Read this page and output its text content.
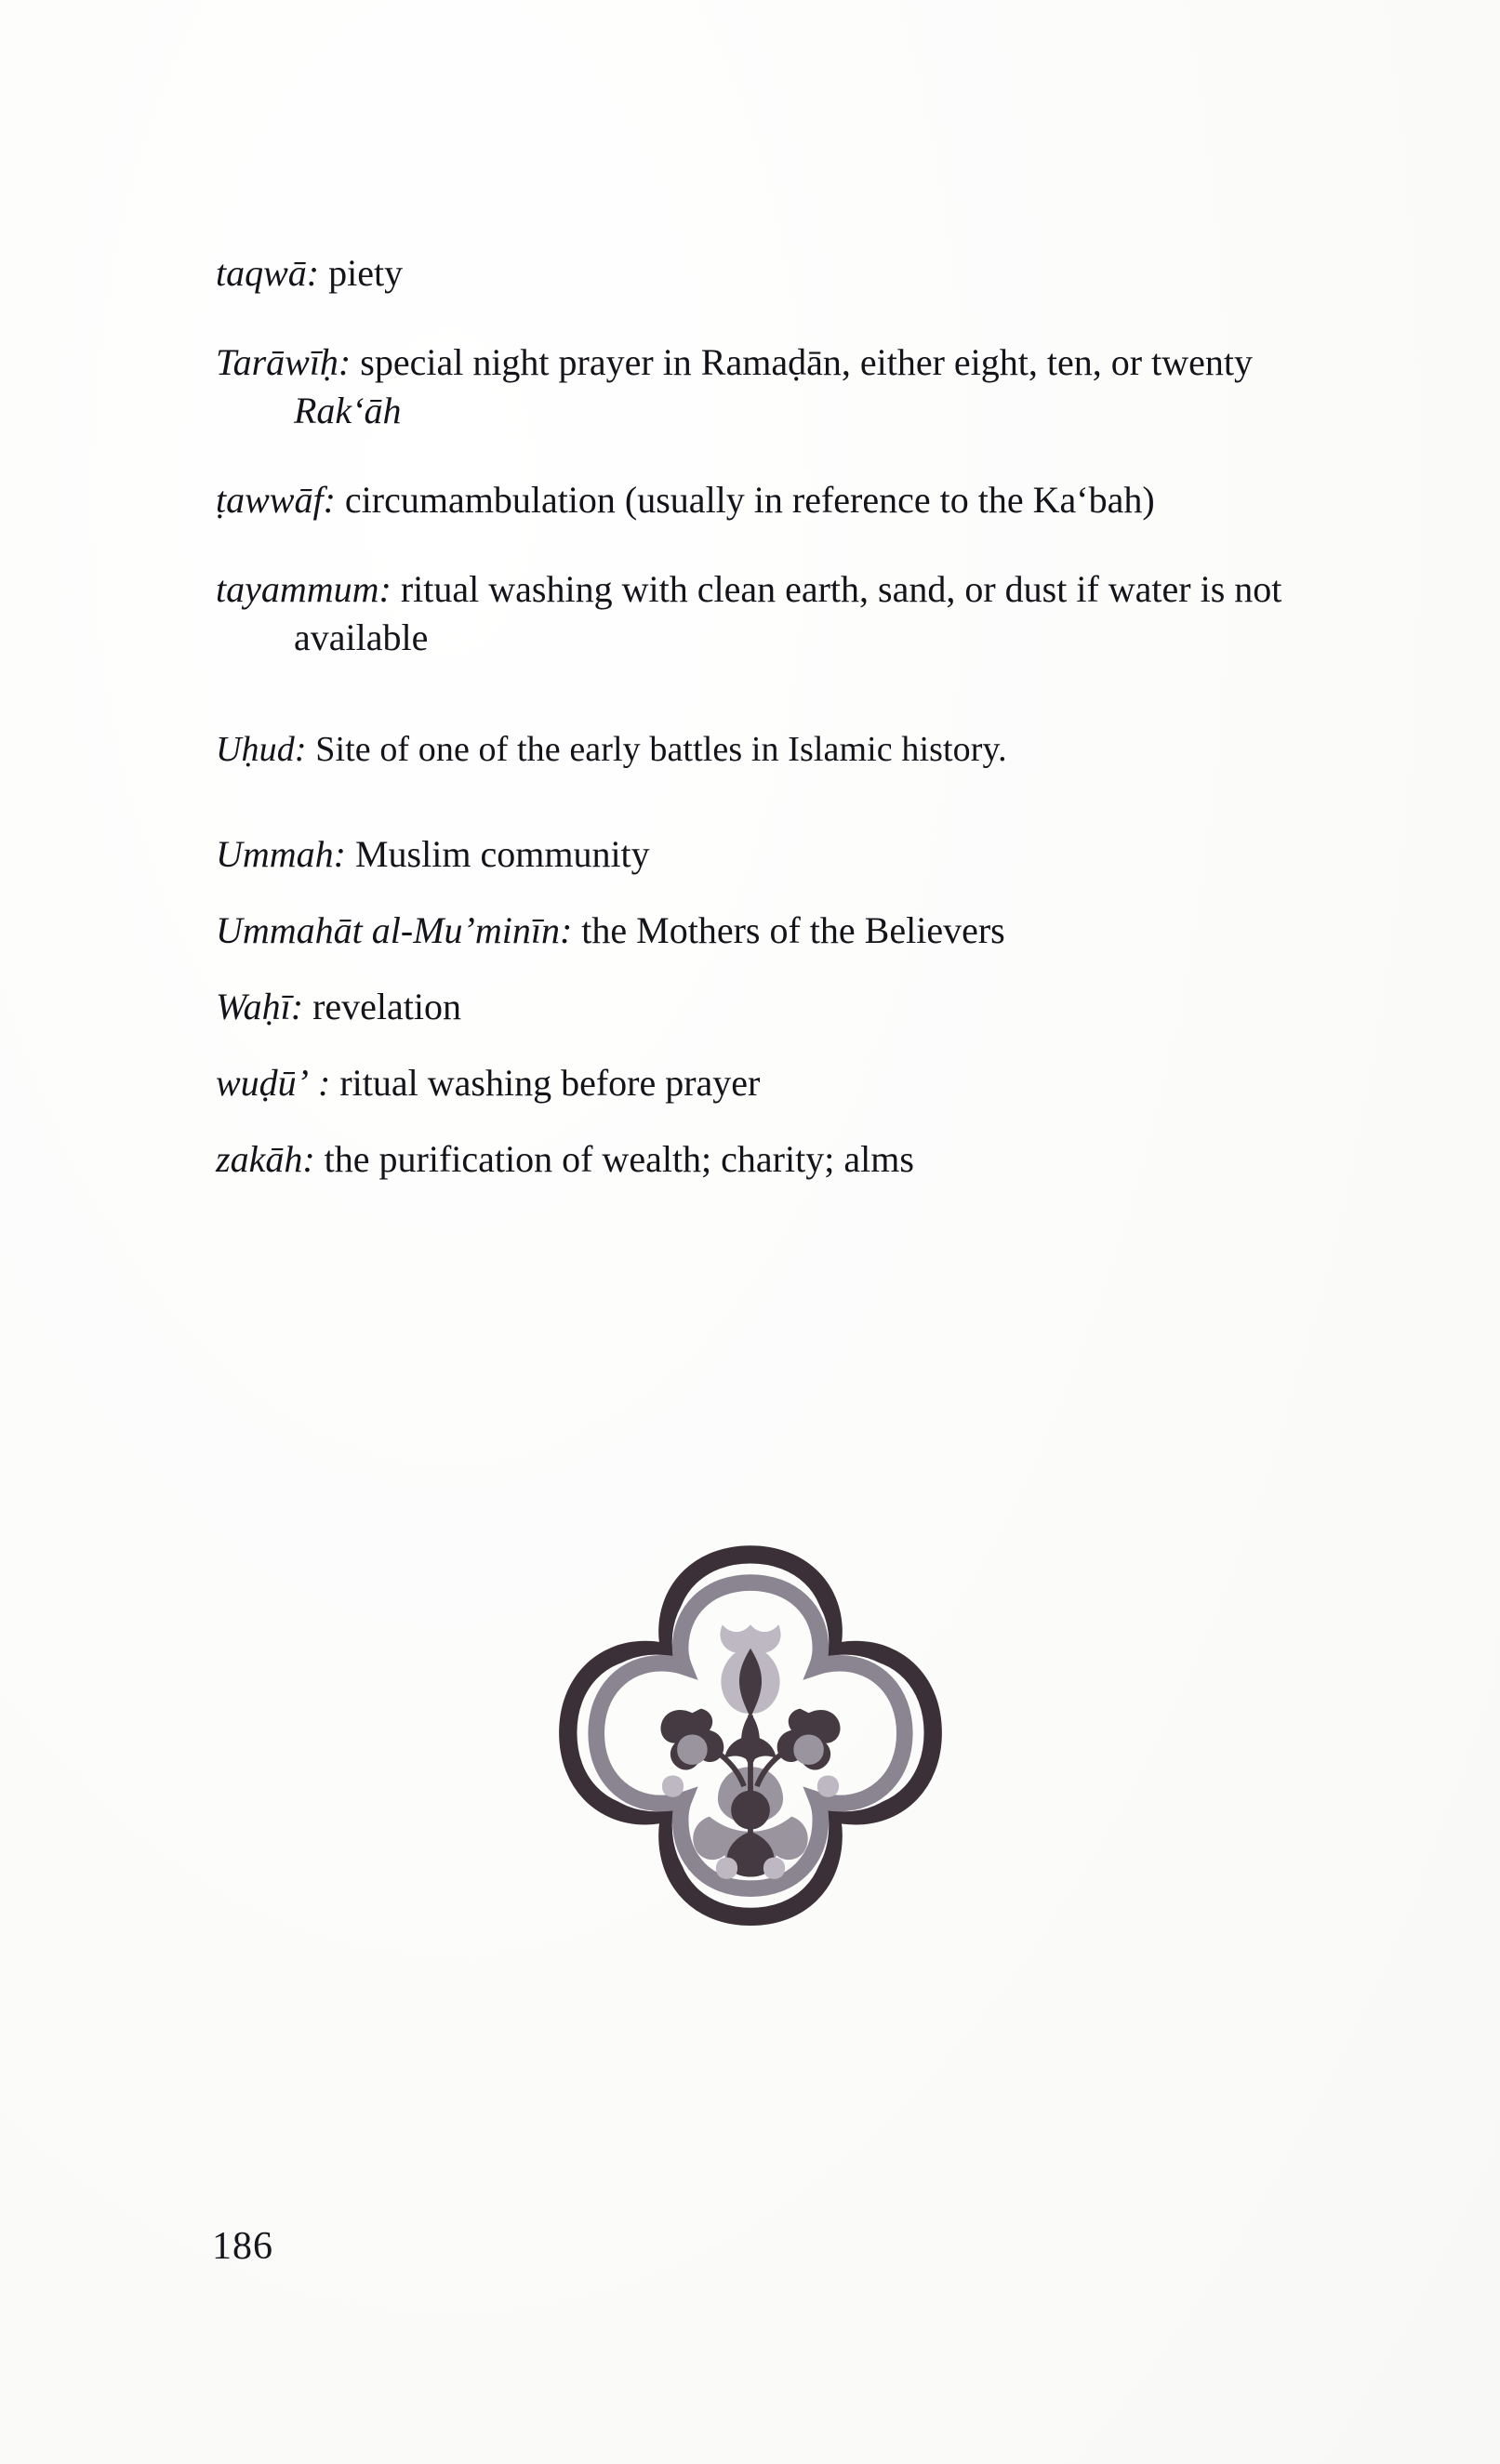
taqwā: piety

Tarāwīḥ: special night prayer in Ramaḍān, either eight, ten, or twenty Rakʻāh

ṭawwāf: circumambulation (usually in reference to the Kaʻbah)

tayammum: ritual washing with clean earth, sand, or dust if water is not available

Uḥud: Site of one of the early battles in Islamic history.

Ummah: Muslim community

Ummahāt al-Muʼminīn: the Mothers of the Believers

Waḥī: revelation

wuḍūʼ : ritual washing before prayer

zakāh: the purification of wealth; charity; alms

186
